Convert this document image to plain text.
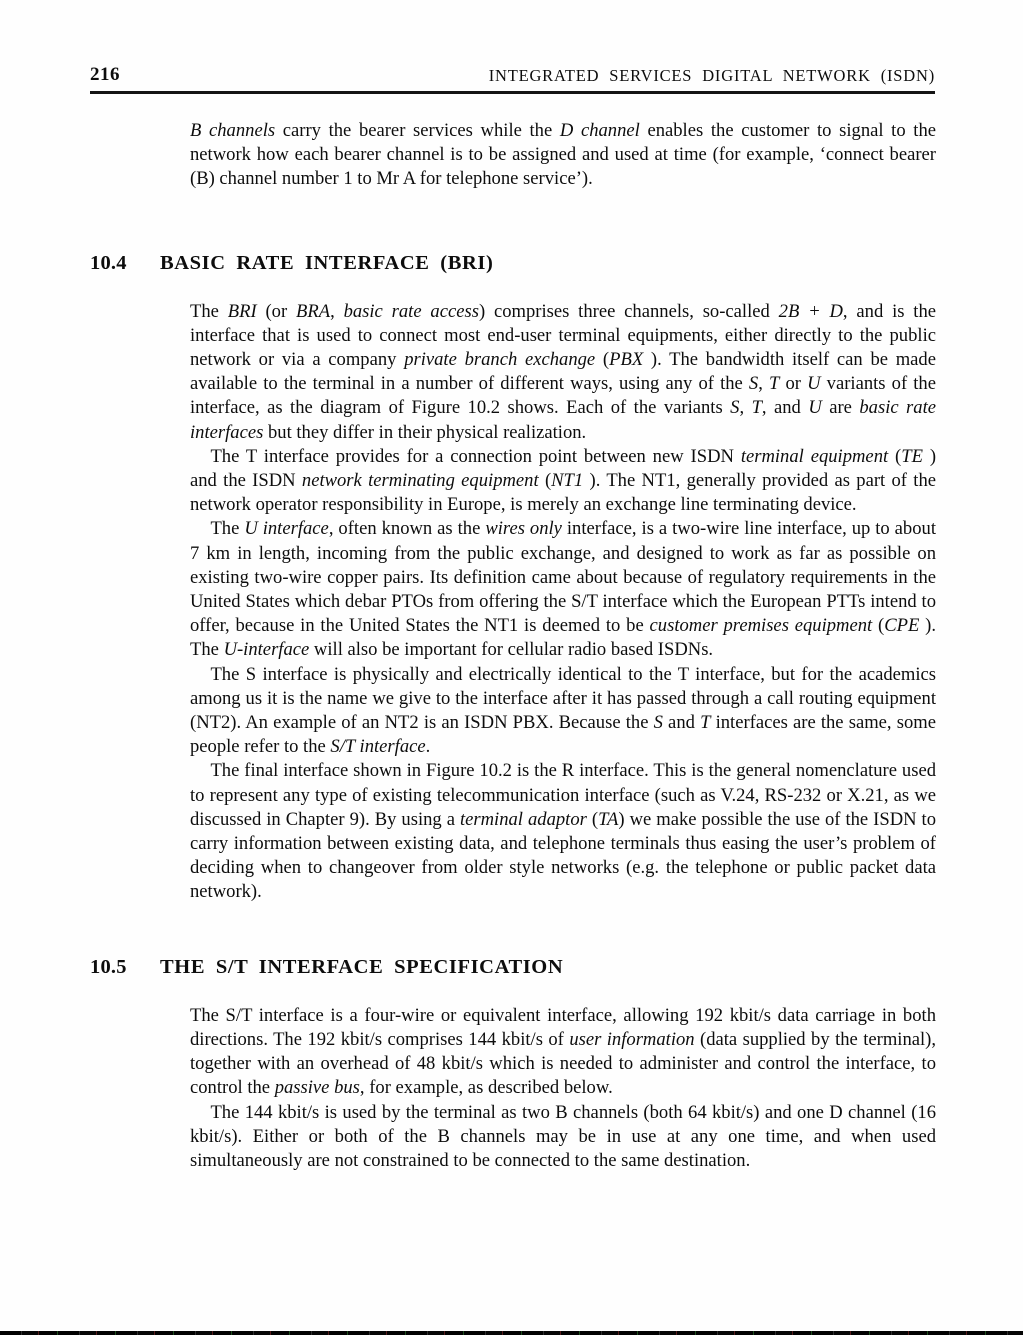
216	INTEGRATED SERVICES DIGITAL NETWORK (ISDN)

B channels carry the bearer services while the D channel enables the customer to signal to the network how each bearer channel is to be assigned and used at time (for example, ‘connect bearer (B) channel number 1 to Mr A for telephone service’).

10.4 BASIC RATE INTERFACE (BRI)

The BRI (or BRA, basic rate access) comprises three channels, so-called 2B + D, and is the interface that is used to connect most end-user terminal equipments, either directly to the public network or via a company private branch exchange (PBX ). The bandwidth itself can be made available to the terminal in a number of different ways, using any of the S, T or U variants of the interface, as the diagram of Figure 10.2 shows. Each of the variants S, T, and U are basic rate interfaces but they differ in their physical realization.

The T interface provides for a connection point between new ISDN terminal equipment (TE ) and the ISDN network terminating equipment (NT1 ). The NT1, generally provided as part of the network operator responsibility in Europe, is merely an exchange line terminating device.

The U interface, often known as the wires only interface, is a two-wire line interface, up to about 7 km in length, incoming from the public exchange, and designed to work as far as possible on existing two-wire copper pairs. Its definition came about because of regulatory requirements in the United States which debar PTOs from offering the S/T interface which the European PTTs intend to offer, because in the United States the NT1 is deemed to be customer premises equipment (CPE ). The U-interface will also be important for cellular radio based ISDNs.

The S interface is physically and electrically identical to the T interface, but for the academics among us it is the name we give to the interface after it has passed through a call routing equipment (NT2). An example of an NT2 is an ISDN PBX. Because the S and T interfaces are the same, some people refer to the S/T interface.

The final interface shown in Figure 10.2 is the R interface. This is the general nomenclature used to represent any type of existing telecommunication interface (such as V.24, RS-232 or X.21, as we discussed in Chapter 9). By using a terminal adaptor (TA) we make possible the use of the ISDN to carry information between existing data, and telephone terminals thus easing the user’s problem of deciding when to changeover from older style networks (e.g. the telephone or public packet data network).

10.5 THE S/T INTERFACE SPECIFICATION

The S/T interface is a four-wire or equivalent interface, allowing 192 kbit/s data carriage in both directions. The 192 kbit/s comprises 144 kbit/s of user information (data supplied by the terminal), together with an overhead of 48 kbit/s which is needed to administer and control the interface, to control the passive bus, for example, as described below.

The 144 kbit/s is used by the terminal as two B channels (both 64 kbit/s) and one D channel (16 kbit/s). Either or both of the B channels may be in use at any one time, and when used simultaneously are not constrained to be connected to the same destination.
